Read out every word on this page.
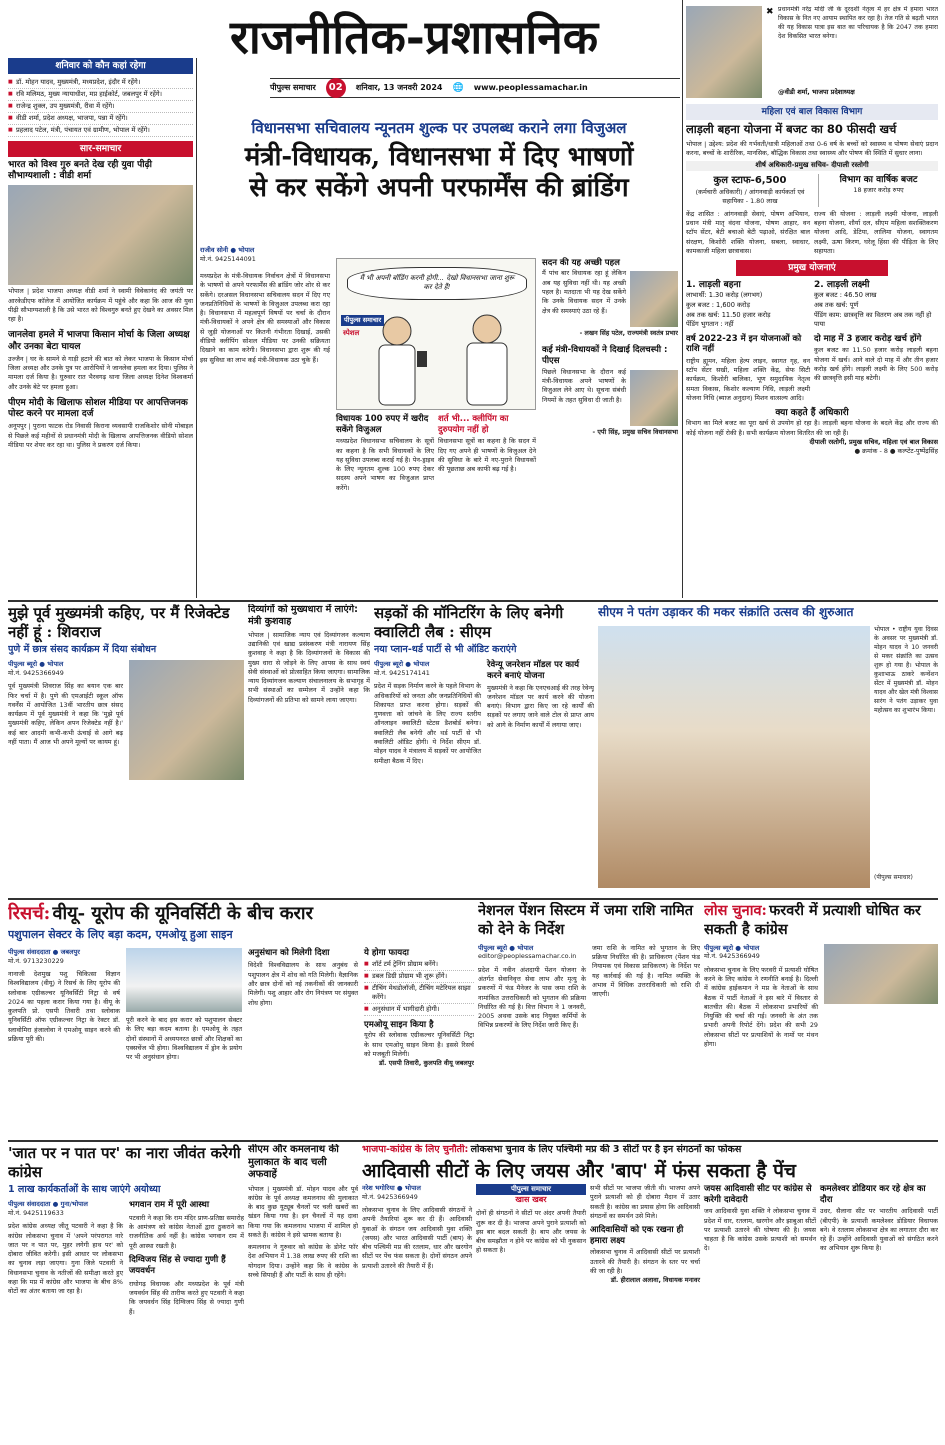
राजनीतिक-प्रशासनिक
पीपुल्स समाचार	02	शनिवार, 13 जनवरी 2024 🌐 www.peoplessamachar.in
शनिवार को कौन कहां रहेगा
■ डॉ. मोहन यादव, मुख्यमंत्री, मध्यप्रदेश, इंदौर में रहेंगे।
■ रवि मलिमठ, मुख्य न्यायाधीश, मप्र हाईकोर्ट, जबलपुर में रहेंगे।
■ राजेन्द्र शुक्ल, उप मुख्यमंत्री, रीवा में रहेंगे।
■ वीडी शर्मा, प्रदेश अध्यक्ष, भाजपा, पन्ना में रहेंगे।
■ प्रहलाद पटेल, मंत्री, पंचायत एवं ग्रामीण, भोपाल में रहेंगे।
सार-समाचार
भारत को विश्व गुरु बनते देख रही युवा पीढ़ी सौभाग्यशाली : वीडी शर्मा
भोपाल | प्रदेश भाजपा अध्यक्ष वीडी शर्मा ने स्वामी विवेकानंद की जयंती पर आरकेडीएफ कॉलेज में आयोजित कार्यक्रम में पहुंचे और कहा कि आज की युवा पीढ़ी सौभाग्यशाली है कि उसे भारत को विश्वगुरु बनते हुए देखने का अवसर मिल रहा है।
जानलेवा हमले में भाजपा किसान मोर्चा के जिला अध्यक्ष और उनका बेटा घायल
उज्जैन | घर के सामने से गाड़ी हटाने की बात को लेकर भाजपा के किसान मोर्चा जिला अध्यक्ष और उनके पुत्र पर आरोपियों ने जानलेवा हमला कर दिया। पुलिस ने मामला दर्ज किया है। घुरुवार रात भैरवगढ़ थाना जिला अध्यक्ष दिनेश विश्वकर्मा और उनके बेटे पर हमला हुआ।
पीएम मोदी के खिलाफ सोशल मीडिया पर आपत्तिजनक पोस्ट करने पर मामला दर्ज
अनूपपुर | पुराना फाटक रोड निवासी किराना व्यवसायी राजकिशोर सोनी मोबाइल से पिछले कई महीनों से प्रधानमंत्री मोदी के खिलाफ आपत्तिजनक वीडियो सोशल मीडिया पर शेयर कर रहा था। पुलिस ने प्रकरण दर्ज किया।
विधानसभा सचिवालय न्यूनतम शुल्क पर उपलब्ध कराने लगा विजुअल
मंत्री-विधायक, विधानसभा में दिए भाषणों
से कर सकेंगे अपनी परफार्मेंस की ब्रांडिंग
राजीव सोनी ● भोपाल
मो.नं. 9425144091
मध्यप्रदेश के मंत्री-विधायक निर्वाचन क्षेत्रों में विधानसभा के भाषणों से अपने परफार्मेंस की ब्रांडिंग जोर शोर से कर सकेंगे। दरअसल विधानसभा सचिवालय सदन में दिए गए जनप्रतिनिधियों के भाषणों के विजुअल उपलब्ध करा रहा है। विधानसभा में महत्वपूर्ण विषयों पर चर्चा के दौरान मंत्री-विधायकों ने अपने क्षेत्र की समस्याओं और विकास से जुड़ी योजनाओं पर कितनी गंभीरता दिखाई, उसकी वीडियो क्लीपिंग सोशल मीडिया पर उनकी सक्रियता दिखाने का काम करेगी। विधानसभा द्वारा शुरू की गई इस सुविधा का लाभ कई मंत्री-विधायक उठा चुके हैं।
मैं भी अपनी बॉडिंग करनी होगी... देखो विधानसभा जाना शुरू कर देते हैं!
पीपुल्स समाचार
स्पेशल
विधायक 100 रुपए में खरीद सकेंगे विजुअल
मध्यप्रदेश विधानसभा सचिवालय के सूत्रों का कहना है कि सभी विधायकों के लिए यह सुविधा उपलब्ध कराई गई है। पेन-ड्राइव के लिए न्यूनतम शुल्क 100 रुपए देकर सदस्य अपने भाषण का विजुअल प्राप्त करेंगे।
शर्त भी... क्लीपिंग का दुरुपयोग नहीं हो
विधानसभा सूत्रों का कहना है कि सदन में दिए गए अपने ही भाषणों के विजुअल देने की सुविधा के बारे में नए-पुराने विधायकों की पूछताछ अब काफी बढ़ गई है।
सदन की यह अच्छी पहल
मैं पांच बार विधायक रहा हूं लेकिन अब यह सुविधा नहीं थी। यह अच्छी पहल है। मतदाता भी यह देख सकेंगे कि उनके विधायक सदन में उनके क्षेत्र की समस्याएं उठा रहे हैं।
- लखन सिंह पटेल, राज्यमंत्री स्वतंत्र प्रभार
कई मंत्री-विधायकों ने दिखाई दिलचस्पी : पीएस
पिछले विधानसभा के दौरान कई मंत्री-विधायक अपने भाषणों के विजुअल लेने आए थे। सूचना संबंधी नियमों के तहत सुविधा दी जाती है।
- एपी सिंह, प्रमुख सचिव विधानसभा
✖ प्रधानमंत्री नरेंद्र मोदी जी के दूरदर्शी नेतृत्व में हर क्षेत्र में हमारा भारत विकास के नित नए आयाम स्थापित कर रहा है। तेज गति से बढ़ती भारत की यह विकास यात्रा इस बात का परिचायक है कि 2047 तक हमारा देश विकसित भारत बनेगा।
@वीडी शर्मा, भाजपा प्रदेशाध्यक्ष
महिला एवं बाल विकास विभाग
लाड़ली बहना योजना में बजट का 80 फीसदी खर्च
भोपाल | उद्देश्य: प्रदेश की गर्भवती/धात्री महिलाओं तथा 0-6 वर्ष के बच्चों को स्वास्थ्य व पोषण सेवाएं प्रदान करना, बच्चों के शारीरिक, मानसिक, बौद्धिक विकास तथा स्वास्थ्य और पोषण की स्थिति में सुधार लाना।
शीर्ष अधिकारी-प्रमुख सचिव- दीपाली रस्तोगी
कुल स्टाफ-6,500
(कर्मचारी अधिकारी) / आंगनवाड़ी कार्यकर्ता एवं सहायिका - 1.80 लाख
विभाग का वार्षिक बजट
18 हजार करोड़ रुपए
केंद्र शासित : आंगनवाड़ी सेवाएं, पोषण अभियान, प्रधान मंत्री मातृ वंदना योजना, पोषण आहार, वन स्टॉप सेंटर, बेटी बचाओ बेटी पढ़ाओ, संरक्षित बाल संरक्षण, किशोरी शक्ति योजना, सबला, स्वाधार, कामकाजी महिला छात्रावास।
राज्य की योजना : लाड़ली लक्ष्मी योजना, लाड़ली बहना योजना, शौर्या दल, सीएम महिला सशक्तिकरण योजना आदि, डेटिया, लालिमा योजना, स्वागतम लक्ष्मी, ऊषा किरण, घरेलू हिंसा की पीड़िता के लिए सहायता।
प्रमुख योजनाएं
1. लाड़ली बहना
लाभार्थी: 1.30 करोड़ (लगभग)
कुल बजट : 1,600 करोड़
अब तक खर्च: 11.50 हजार करोड़
पेंडिंग भुगतान : नहीं
वर्ष 2022-23 में इन योजनाओं को राशि नहीं
राष्ट्रीय ह्यूमन, महिला हेल्प लाइन, स्वागत गृह, वन स्टॉप सेंटर सखी, महिला शक्ति केंद्र, सेफ सिटी कार्यक्रम, किशोरी बालिका, भूण समुदायिक नेतृत्व समता विकास, किशोर कल्याण निधि, लाड़ली लक्ष्मी योजना निधि (ब्याज अनुदान) मिशन वात्सल्य आदि।
2. लाड़ली लक्ष्मी
कुल बजट : 46.50 लाख
अब तक खर्च: पूर्ण
पेंडिंग काम: छात्रवृत्ति का वितरण अब तक नहीं हो पाया
दो माह में 3 हजार करोड़ खर्च होंगे
कुल बजट का 11.50 हजार करोड़ लाड़ली बहना योजना में खर्च। आने वाले दो माह में और तीन हजार करोड़ खर्च होंगे। लाड़ली लक्ष्मी के लिए 500 करोड़ की छात्रवृत्ति इसी माह बटेगी।
क्या कहते हैं अधिकारी
विभाग का मिले बजट का पूरा खर्च से उपयोग हो रहा है। लाड़ली बहना योजना के बदले केंद्र और राज्य की कोई योजना नहीं रोकी है। सभी कार्यक्रम योजना वितरित की जा रही हैं।
दीपाली रस्तोगी, प्रमुख सचिव, महिला एवं बाल विकास
● क्रमांक - 8 ● कल्प्टेंट-पुष्पेंद्रसिंह
मुझे पूर्व मुख्यमंत्री कहिए, पर मैं रिजेक्टेड नहीं हूं : शिवराज
पुणे में छात्र संसद कार्यक्रम में दिया संबोधन
पीपुल्स ब्यूरो ● भोपाल
मो.नं. 9425366949
पूर्व मुख्यमंत्री शिवराज सिंह का बयान एक बार फिर चर्चा में है। पुणे की एमआईटी स्कूल ऑफ गवर्नेंस में आयोजित 13वीं भारतीय छात्र संसद कार्यक्रम में पूर्व मुख्यमंत्री ने कहा कि 'मुझे पूर्व मुख्यमंत्री कहिए, लेकिन अपन रिजेक्टेड नहीं है।' कई बार आदमी कभी-कभी ऊंचाई से आगे बढ़ नहीं पाता। मैं आज भी अपने मूल्यों पर कायम हूं।
दिव्यांगों को मुख्यधारा में लाएंगे: मंत्री कुशवाह
भोपाल | सामाजिक न्याय एवं दिव्यांगजन कल्याण उद्यानिकी एवं खाद्य प्रसंस्करण मंत्री नारायण सिंह कुशवाह ने कहा है कि दिव्यांगजनों के विकास की मुख्य धारा से जोड़ने के लिए आपस के साथ स्वयं सेवी संस्थाओं को प्रोत्साहित किया जाएगा। सामाजिक न्याय दिव्यांगजन कल्याण संचालनालय के सभागृह में सभी संस्थाओं का सम्मेलन में उन्होंने कहा कि दिव्यांगजनों की प्रतिभा को सामने लाया जाएगा।
सड़कों की मॉनिटरिंग के लिए बनेगी क्वालिटी लैब : सीएम
नया प्लान-थर्ड पार्टी से भी ऑडिट कराएंगे
पीपुल्स ब्यूरो ● भोपाल
मो.नं. 9425174141
प्रदेश में सड़क निर्माण करने के पहले विभाग के अधिकारियों को जनता और जनप्रतिनिधियों की शिकायत प्राप्त करना होगा। सड़कों की गुणवत्ता को जांचने के लिए राज्य स्तरीय ऑनलाइन क्वालिटी स्टेटस डैशबोर्ड बनेगा। क्वालिटी लैब बनेगी और थर्ड पार्टी से भी क्वालिटी ऑडिट होगी। ये निर्देश सीएम डॉ. मोहन यादव ने मंत्रालय में सड़कों पर आयोजित समीक्षा बैठक में दिए।
रेवेन्यू जनरेशन मॉडल पर कार्य करने बनाएं योजना
मुख्यमंत्री ने कहा कि एनएचआई की तरह रेवेन्यू जनरेशन मॉडल पर कार्य करने की योजना बनाएं। विभाग द्वारा किए जा रहे कार्यों की सड़कों पर लगाए जाने वाले टोल से प्राप्त आय को आगे के निर्माण कार्यों में लगाया जाए।
सीएम ने पतंग उड़ाकर की मकर संक्रांति उत्सव की शुरुआत
भोपाल • राष्ट्रीय युवा दिवस के अवसर पर मुख्यमंत्री डॉ. मोहन यादव ने 10 जनवरी से मकर संक्रांति का उत्सव शुरू हो गया है। भोपाल के कुशाभाऊ ठाकरे कन्वेंशन सेंटर में मुख्यमंत्री डॉ. मोहन यादव और खेल मंत्री विश्वास सारंग ने पतंग उड़ाकर युवा महोत्सव का शुभारंभ किया।
(पीपुल्स समाचार)
रिसर्च: वीयू- यूरोप की यूनिवर्सिटी के बीच करार
पशुपालन सेक्टर के लिए बड़ा कदम, एमओयू हुआ साइन
पीपुल्स संवाददाता ● जबलपुर
मो.नं. 9713230229
नानाजी देशमुख पशु चिकित्सा विज्ञान विश्वविद्यालय (वीयू) ने रिसर्च के लिए यूरोप की स्लोवाक एग्रीकल्चर यूनिवर्सिटी निट्रा से वर्ष 2024 का पहला करार किया गया है। वीयू के कुलपति प्रो. एसपी तिवारी तथा स्लोवाक यूनिवर्सिटी ऑफ एग्रीकल्चर निट्रा के रेक्टर डॉ. स्लावोमिरा हंजालोवा ने एमओयू साइन करने की प्रक्रिया पूरी की।
पूरी करने के बाद इस करार को पशुपालन सेक्टर के लिए बड़ा कदम बताया है। एमओयू के तहत दोनों संस्थानों में अध्ययनरत छात्रों और शिक्षकों का एक्सचेंज भी होगा। विश्वविद्यालय में ड्रोन के प्रयोग पर भी अनुसंधान होगा।
अनुसंधान को मिलेगी दिशा
विदेशी विश्वविद्यालय के साथ अनुबंध से पशुपालन क्षेत्र में शोध को गति मिलेगी। वैज्ञानिक और छात्र दोनों को नई तकनीकों की जानकारी मिलेगी। पशु आहार और रोग नियंत्रण पर संयुक्त शोध होगा।
ये होगा फायदा
■ शॉर्ट टर्म ट्रेनिंग प्रोग्राम बनेंगे।
■ डबल डिग्री प्रोग्राम भी शुरू होंगे।
■ टीचिंग मेथडोलॉजी, टीचिंग मटेरियल साझा करेंगे।
■ अनुसंधान में भागीदारी होगी।
एमओयू साइन किया है
यूरोप की स्लोवाक एग्रीकल्चर यूनिवर्सिटी निट्रा के साथ एमओयू साइन किया है। इससे रिसर्च को मजबूती मिलेगी।
डॉ. एसपी तिवारी, कुलपति वीयू जबलपुर
नेशनल पेंशन सिस्टम में जमा राशि नामित को देने के निर्देश
पीपुल्स ब्यूरो ● भोपाल
editor@peoplessamachar.co.in
प्रदेश में नवीन अंशदायी पेंशन योजना के अंतर्गत सेवानिवृत्त सेवा लाभ और मृत्यु के प्रकरणों में फंड मैनेजर के पास जमा राशि के नामांकित उत्तराधिकारी को भुगतान की प्रक्रिया निर्धारित की गई है। वित्त विभाग ने 1 जनवरी, 2005 अथवा उसके बाद नियुक्त कर्मियों के विभिन्न प्रकरणों के लिए निर्देश जारी किए हैं।
जमा राशि के नामित को भुगतान के लिए प्रक्रिया निर्धारित की है। प्राधिकरण (पेंशन फंड नियामक एवं विकास प्राधिकरण) के निर्देश पर यह कार्रवाई की गई है। नामित व्यक्ति के अभाव में विधिक उत्तराधिकारी को राशि दी जाएगी।
लोस चुनाव: फरवरी में प्रत्याशी घोषित कर सकती है कांग्रेस
पीपुल्स ब्यूरो ● भोपाल
मो.नं. 9425366949
लोकसभा चुनाव के लिए फरवरी में प्रत्याशी घोषित करने के लिए कांग्रेस ने रणनीति बनाई है। दिल्ली में कांग्रेस हाईकमान ने मप्र के नेताओं के साथ बैठक में पार्टी नेताओं ने इस बारे में विस्तार से बातचीत की। बैठक में लोकसभा प्रभारियों की नियुक्ति की चर्चा की गई। जनवरी के अंत तक प्रभारी अपनी रिपोर्ट देंगे। प्रदेश की सभी 29 लोकसभा सीटों पर प्रत्याशियों के नामों पर मंथन होगा।
'जात पर न पात पर' का नारा जीवंत करेगी कांग्रेस
1 लाख कार्यकर्ताओं के साथ जाएंगे अयोध्या
पीपुल्स संवाददाता ● गुना/भोपाल
मो.नं. 9425119633
प्रदेश कांग्रेस अध्यक्ष जीतू पटवारी ने कहा है कि कांग्रेस लोकसभा चुनाव में 'अपने परंपरागत नारे जात पर न पात पर, मुहर लगेगी हाथ पर' को दोबारा जीवित करेगी। इसी आधार पर लोकसभा का चुनाव लड़ा जाएगा। गुना जिले पटवारी ने विधानसभा चुनाव के नतीजों की समीक्षा करते हुए कहा कि मप्र में कांग्रेस और भाजपा के बीच 8% वोटों का अंतर बताया जा रहा है।
भगवान राम में पूरी आस्था
पटवारी ने कहा कि राम मंदिर प्राण-प्रतिष्ठा समारोह के आमंत्रण को कांग्रेस नेताओं द्वारा ठुकराने का राजनीतिक अर्थ नहीं है। कांग्रेस भगवान राम में पूरी आस्था रखती है।
दिग्विजय सिंह से ज्यादा गुणी हैं जयवर्धन
राघोगढ़ विधायक और मध्यप्रदेश के पूर्व मंत्री जयवर्धन सिंह की तारीफ करते हुए पटवारी ने कहा कि जयवर्धन सिंह दिग्विजय सिंह से ज्यादा गुणी हैं।
सीएम और कमलनाथ की मुलाकात के बाद चली अफवाहें
भोपाल | मुख्यमंत्री डॉ. मोहन यादव और पूर्व कांग्रेस के पूर्व अध्यक्ष कमलनाथ की मुलाकात के बाद कुछ यूट्यूब चैनलों पर चली खबरों का खंडन किया गया है। इन चैनलों में यह दावा किया गया कि कमलनाथ भाजपा में शामिल हो सकते हैं। कांग्रेस ने इसे भ्रामक बताया है।
कमलनाथ ने गुरुवार को कांग्रेस के डोनेट फॉर देश अभियान में 1.38 लाख रुपए की राशि का योगदान दिया। उन्होंने कहा कि वे कांग्रेस के सच्चे सिपाही हैं और पार्टी के साथ ही रहेंगे।
भाजपा-कांग्रेस के लिए चुनौती: लोकसभा चुनाव के लिए पश्चिमी मप्र की 3 सीटों पर है इन संगठनों का फोकस
आदिवासी सीटों के लिए जयस और 'बाप' में फंस सकता है पेंच
नरेश भगोरिया ● भोपाल
मो.नं. 9425366949
लोकसभा चुनाव के लिए आदिवासी संगठनों ने अपनी तैयारियां शुरू कर दी हैं। आदिवासी युवाओं के संगठन जय आदिवासी युवा शक्ति (जयस) और भारत आदिवासी पार्टी (बाप) के बीच पश्चिमी मप्र की रतलाम, धार और खरगोन सीटों पर पेंच फंस सकता है। दोनों संगठन अपने प्रत्याशी उतारने की तैयारी में हैं।
पीपुल्स समाचार
खास खबर
दोनों ही संगठनों ने सीटों पर अंदर अपनी तैयारी शुरू कर दी है। भाजपा अपने पुराने प्रत्याशी को इस बार बदल सकती है। बाप और जयस के बीच समझौता न होने पर कांग्रेस को भी नुकसान हो सकता है।
सभी सीटों पर भाजपा जीती थी। भाजपा अपने पुराने प्रत्याशी को ही दोबारा मैदान में उतार सकती है। कांग्रेस का प्रयास होगा कि आदिवासी संगठनों का समर्थन उसे मिले।
आदिवासियों को एक रखना ही हमारा लक्ष्य
लोकसभा चुनाव में आदिवासी सीटों पर प्रत्याशी उतारने की तैयारी है। संगठन के स्तर पर चर्चा की जा रही है।
डॉ. हीरालाल अलावा, विधायक मनावर
जयस आदिवासी सीट पर कांग्रेस से करेगी दावेदारी
जय आदिवासी युवा शक्ति ने लोकसभा चुनाव में प्रदेश में धार, रतलाम, खरगोन और झाबुआ सीटों पर प्रत्याशी उतारने की घोषणा की है। जयस चाहता है कि कांग्रेस उसके प्रत्याशी को समर्थन दे।
कमलेश्वर डोडियार कर रहे क्षेत्र का दौरा
उधर, सैलाना सीट पर भारतीय आदिवासी पार्टी (बीएपी) के प्रत्याशी कमलेश्वर डोडियार विधायक बने। वे रतलाम लोकसभा क्षेत्र का लगातार दौरा कर रहे हैं। उन्होंने आदिवासी युवाओं को संगठित करने का अभियान शुरू किया है।
